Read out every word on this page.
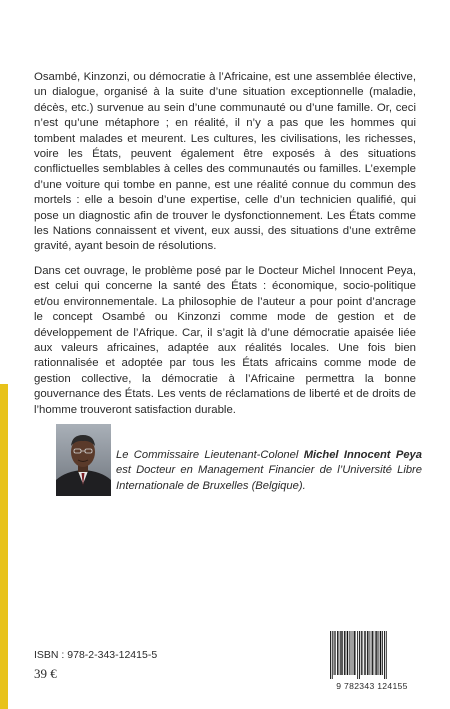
Osambé, Kinzonzi, ou démocratie à l’Africaine, est une assemblée élective, un dialogue, organisé à la suite d’une situation exceptionnelle (maladie, décès, etc.) survenue au sein d’une communauté ou d’une famille. Or, ceci n’est qu’une métaphore ; en réalité, il n’y a pas que les hommes qui tombent malades et meurent. Les cultures, les civilisations, les richesses, voire les États, peuvent également être exposés à des situations conflictuelles semblables à celles des communautés ou familles. L’exemple d’une voiture qui tombe en panne, est une réalité connue du commun des mortels : elle a besoin d’une expertise, celle d’un technicien qualifié, qui pose un diagnostic afin de trouver le dysfonctionnement. Les États comme les Nations connaissent et vivent, eux aussi, des situations d’une extrême gravité, ayant besoin de résolutions.

Dans cet ouvrage, le problème posé par le Docteur Michel Innocent Peya, est celui qui concerne la santé des États : économique, socio-politique et/ou environnementale. La philosophie de l’auteur a pour point d’ancrage le concept Osambé ou Kinzonzi comme mode de gestion et de développement de l’Afrique. Car, il s’agit là d’une démocratie apaisée liée aux valeurs africaines, adaptée aux réalités locales. Une fois bien rationnalisée et adoptée par tous les États africains comme mode de gestion collective, la démocratie à l’Africaine permettra la bonne gouvernance des États. Les vents de réclamations de liberté et de droits de l’homme trouveront satisfaction durable.

Le Commissaire Lieutenant-Colonel Michel Innocent Peya est Docteur en Management Financier de l’Université Libre Internationale de Bruxelles (Belgique).

ISBN : 978-2-343-12415-5
39 €
9 782343 124155
